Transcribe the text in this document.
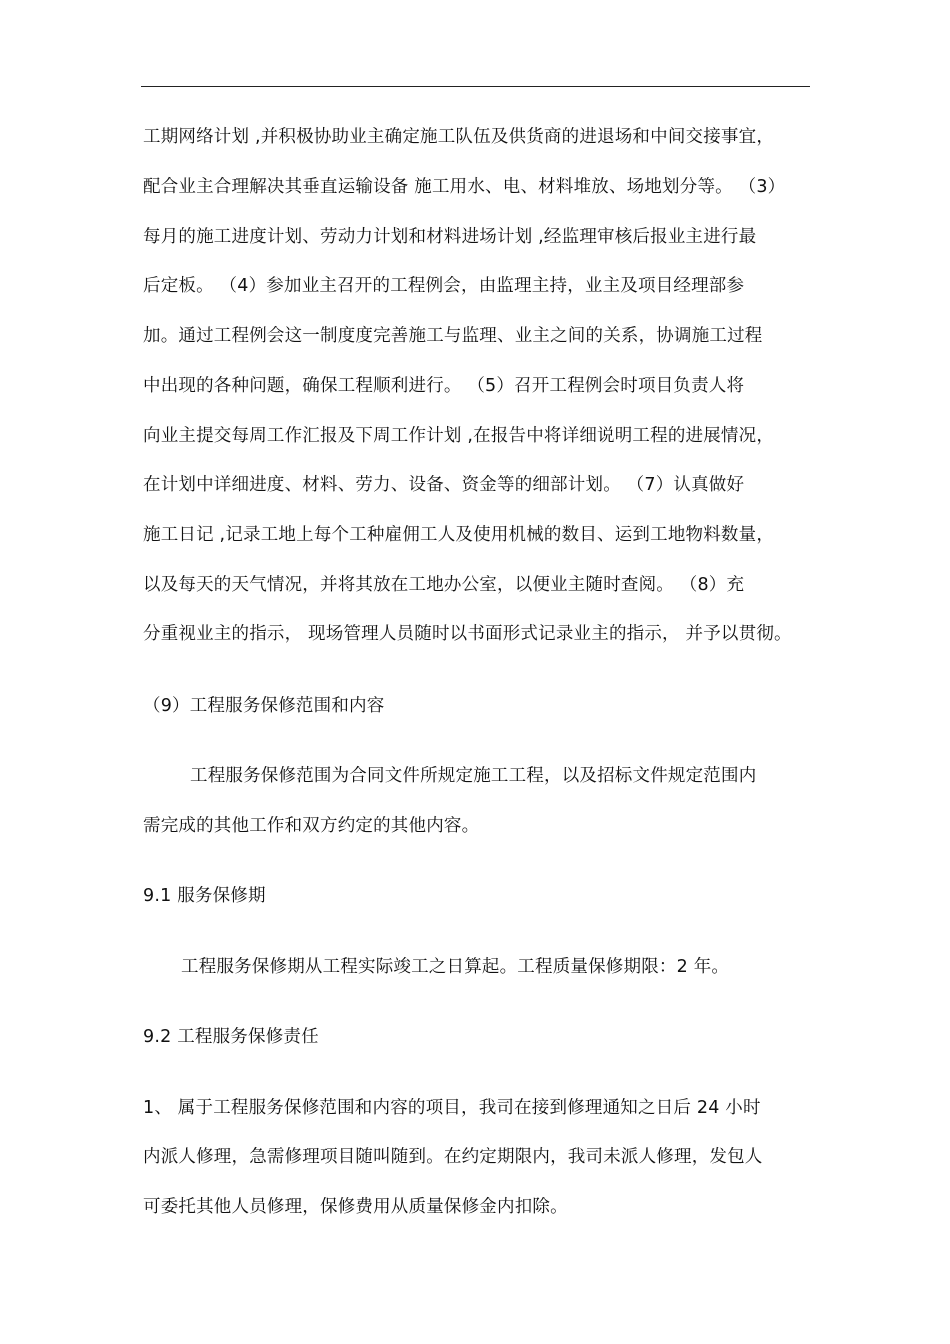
工期网络计划 ,并积极协助业主确定施工队伍及供货商的进退场和中间交接事宜，
配合业主合理解决其垂直运输设备 施工用水、电、材料堆放、场地划分等。 （3）
每月的施工进度计划、劳动力计划和材料进场计划 ,经监理审核后报业主进行最
后定板。 （4）参加业主召开的工程例会，由监理主持，业主及项目经理部参
加。通过工程例会这一制度度完善施工与监理、业主之间的关系，协调施工过程
中出现的各种问题，确保工程顺利进行。 （5）召开工程例会时项目负责人将
向业主提交每周工作汇报及下周工作计划 ,在报告中将详细说明工程的进展情况，
在计划中详细进度、材料、劳力、设备、资金等的细部计划。 （7）认真做好
施工日记 ,记录工地上每个工种雇佣工人及使用机械的数目、运到工地物料数量，
以及每天的天气情况，并将其放在工地办公室，以便业主随时查阅。 （8）充
分重视业主的指示， 现场管理人员随时以书面形式记录业主的指示， 并予以贯彻。
（9）工程服务保修范围和内容
工程服务保修范围为合同文件所规定施工工程，以及招标文件规定范围内
需完成的其他工作和双方约定的其他内容。
9.1 服务保修期
工程服务保修期从工程实际竣工之日算起。工程质量保修期限：2 年。
9.2 工程服务保修责任
1、 属于工程服务保修范围和内容的项目，我司在接到修理通知之日后 24 小时
内派人修理，急需修理项目随叫随到。在约定期限内，我司未派人修理，发包人
可委托其他人员修理，保修费用从质量保修金内扣除。
